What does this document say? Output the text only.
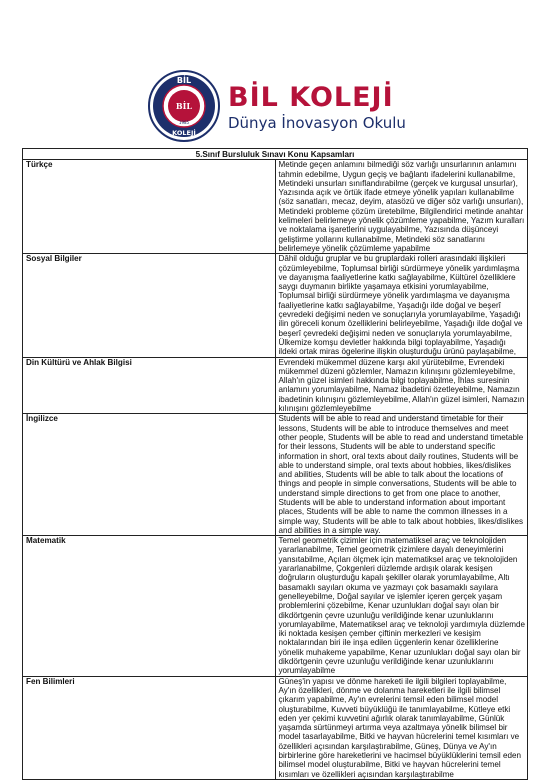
BİL
KOLEJİ
BİL
1985
BİL KOLEJİ
Dünya İnovasyon Okulu
5.Sınıf Bursluluk Sınavı Konu Kapsamları	
Türkçe	Metinde geçen anlamını bilmediği söz varlığı unsurlarının anlamını tahmin edebilme, Uygun geçiş ve bağlantı ifadelerini kullanabilme, Metindeki unsurları sınıflandırabilme (gerçek ve kurgusal unsurlar), Yazısında açık ve örtük ifade etmeye yönelik yapıları kullanabilme (söz sanatları, mecaz, deyim, atasözü ve diğer söz varlığı unsurları), Metindeki probleme çözüm üretebilme, Bilgilendirici metinde anahtar kelimeleri belirlemeye yönelik çözümleme yapabilme, Yazım kuralları ve noktalama işaretlerini uygulayabilme, Yazısında düşünceyi geliştirme yollarını kullanabilme, Metindeki söz sanatlarını belirlemeye yönelik çözümleme yapabilme
Sosyal Bilgiler	Dâhil olduğu gruplar ve bu gruplardaki rolleri arasındaki ilişkileri çözümleyebilme, Toplumsal birliği sürdürmeye yönelik yardımlaşma ve dayanışma faaliyetlerine katkı sağlayabilme, Kültürel özelliklere saygı duymanın birlikte yaşamaya etkisini yorumlayabilme, Toplumsal birliği sürdürmeye yönelik yardımlaşma ve dayanışma faaliyetlerine katkı sağlayabilme, Yaşadığı ilde doğal ve beşerî çevredeki değişimi neden ve sonuçlarıyla yorumlayabilme, Yaşadığı ilin göreceli konum özelliklerini belirleyebilme, Yaşadığı ilde doğal ve beşerî çevredeki değişimi neden ve sonuçlarıyla yorumlayabilme, Ülkemize komşu devletler hakkında bilgi toplayabilme, Yaşadığı ildeki ortak miras ögelerine ilişkin oluşturduğu ürünü paylaşabilme,
Din Kültürü ve Ahlak Bilgisi	Evrendeki mükemmel düzene karşı akıl yürütebilme, Evrendeki mükemmel düzeni gözlemler, Namazın kılınışını gözlemleyebilme, Allah'ın güzel isimleri hakkında bilgi toplayabilme, İhlas suresinin anlamını yorumlayabilme, Namaz ibadetini özetleyebilme, Namazın ibadetinin kılınışını gözlemleyebilme, Allah'ın güzel isimleri, Namazın kılınışını gözlemleyebilme
İngilizce	Students will be able to read and understand timetable for their lessons, Students will be able to introduce themselves and meet other people, Students will be able to read and understand timetable for their lessons, Students will be able to understand specific information in short, oral texts about daily routines, Students will be able to understand simple, oral texts about hobbies, likes/dislikes and abilities, Students will be able to talk about the locations of things and people in simple conversations, Students will be able to understand simple directions to get from one place to another, Students will be able to understand information about important places, Students will be able to name the common illnesses in a simple way, Students will be able to talk about hobbies, likes/dislikes and abilities in a simple way.
Matematik	Temel geometrik çizimler için matematiksel araç ve teknolojiden yararlanabilme, Temel geometrik çizimlere dayalı deneyimlerini yansıtabilme, Açıları ölçmek için matematiksel araç ve teknolojiden yararlanabilme, Çokgenleri düzlemde ardışık olarak kesişen doğruların oluşturduğu kapalı şekiller olarak yorumlayabilme, Altı basamaklı sayıları okuma ve yazmayı çok basamaklı sayılara genelleyebilme, Doğal sayılar ve işlemler içeren gerçek yaşam problemlerini çözebilme, Kenar uzunlukları doğal sayı olan bir dikdörtgenin çevre uzunluğu verildiğinde kenar uzunluklarını yorumlayabilme, Matematiksel araç ve teknoloji yardımıyla düzlemde iki noktada kesişen çember çiftinin merkezleri ve kesişim noktalarından biri ile inşa edilen üçgenlerin kenar özelliklerine yönelik muhakeme yapabilme, Kenar uzunlukları doğal sayı olan bir dikdörtgenin çevre uzunluğu verildiğinde kenar uzunluklarını yorumlayabilme
Fen Bilimleri	Güneş'in yapısı ve dönme hareketi ile ilgili bilgileri toplayabilme, Ay'ın özellikleri, dönme ve dolanma hareketleri ile ilgili bilimsel çıkarım yapabilme, Ay'ın evrelerini temsil eden bilimsel model oluşturabilme, Kuvveti büyüklüğü ile tanımlayabilme, Kütleye etki eden yer çekimi kuvvetini ağırlık olarak tanımlayabilme, Günlük yaşamda sürtünmeyi artırma veya azaltmaya yönelik bilimsel bir model tasarlayabilme, Bitki ve hayvan hücrelerini temel kısımları ve özellikleri açısından karşılaştırabilme, Güneş, Dünya ve Ay'ın birbirlerine göre hareketlerini ve hacimsel büyüklüklerini temsil eden bilimsel model oluşturabilme, Bitki ve hayvan hücrelerini temel kısımları ve özellikleri açısından karşılaştırabilme
